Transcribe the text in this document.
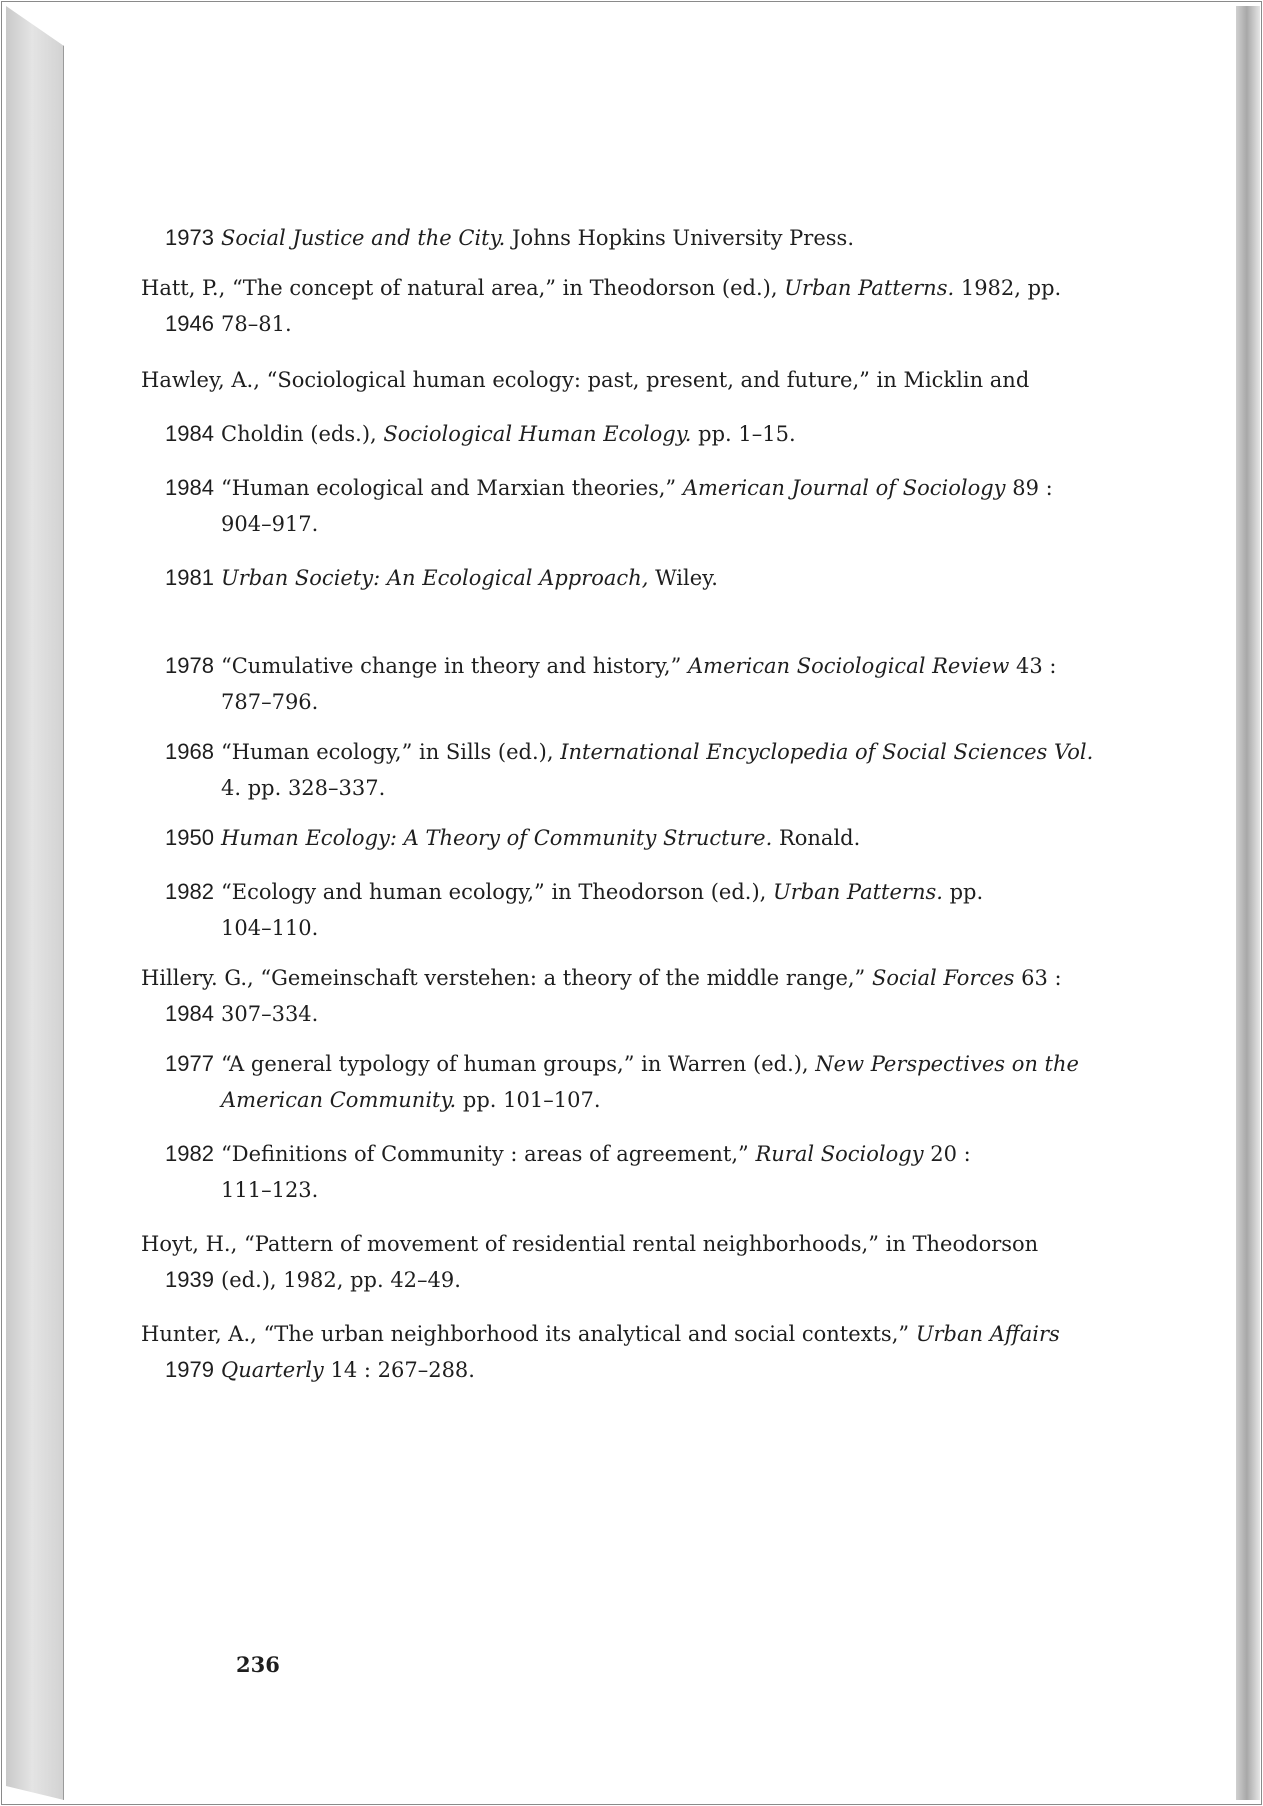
1973 Social Justice and the City. Johns Hopkins University Press.

Hatt, P., “The concept of natural area,” in Theodorson (ed.), Urban Patterns. 1982, pp.
1946 78–81.

Hawley, A., “Sociological human ecology: past, present, and future,” in Micklin and

1984 Choldin (eds.), Sociological Human Ecology. pp. 1–15.

1984 “Human ecological and Marxian theories,” American Journal of Sociology 89 :
904–917.

1981 Urban Society: An Ecological Approach, Wiley.

1978 “Cumulative change in theory and history,” American Sociological Review 43 :
787–796.

1968 “Human ecology,” in Sills (ed.), International Encyclopedia of Social Sciences Vol.
4. pp. 328–337.

1950 Human Ecology: A Theory of Community Structure. Ronald.

1982 “Ecology and human ecology,” in Theodorson (ed.), Urban Patterns. pp.
104–110.

Hillery. G., “Gemeinschaft verstehen: a theory of the middle range,” Social Forces 63 :
1984 307–334.

1977 “A general typology of human groups,” in Warren (ed.), New Perspectives on the
American Community. pp. 101–107.

1982 “Definitions of Community : areas of agreement,” Rural Sociology 20 :
111–123.

Hoyt, H., “Pattern of movement of residential rental neighborhoods,” in Theodorson
1939 (ed.), 1982, pp. 42–49.

Hunter, A., “The urban neighborhood its analytical and social contexts,” Urban Affairs
1979 Quarterly 14 : 267–288.

236
